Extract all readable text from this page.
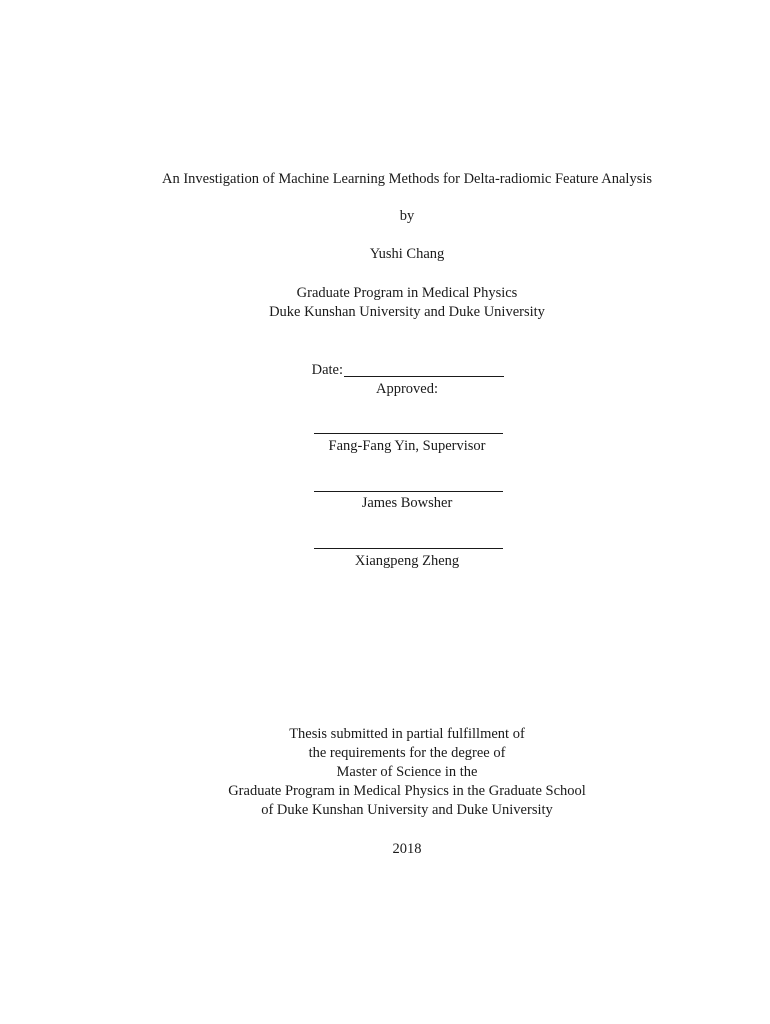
An Investigation of Machine Learning Methods for Delta-radiomic Feature Analysis
by
Yushi Chang
Graduate Program in Medical Physics
Duke Kunshan University and Duke University
Date:
Approved:
Fang-Fang Yin, Supervisor
James Bowsher
Xiangpeng Zheng
Thesis submitted in partial fulfillment of
the requirements for the degree of
Master of Science in the
Graduate Program in Medical Physics in the Graduate School
of Duke Kunshan University and Duke University
2018
